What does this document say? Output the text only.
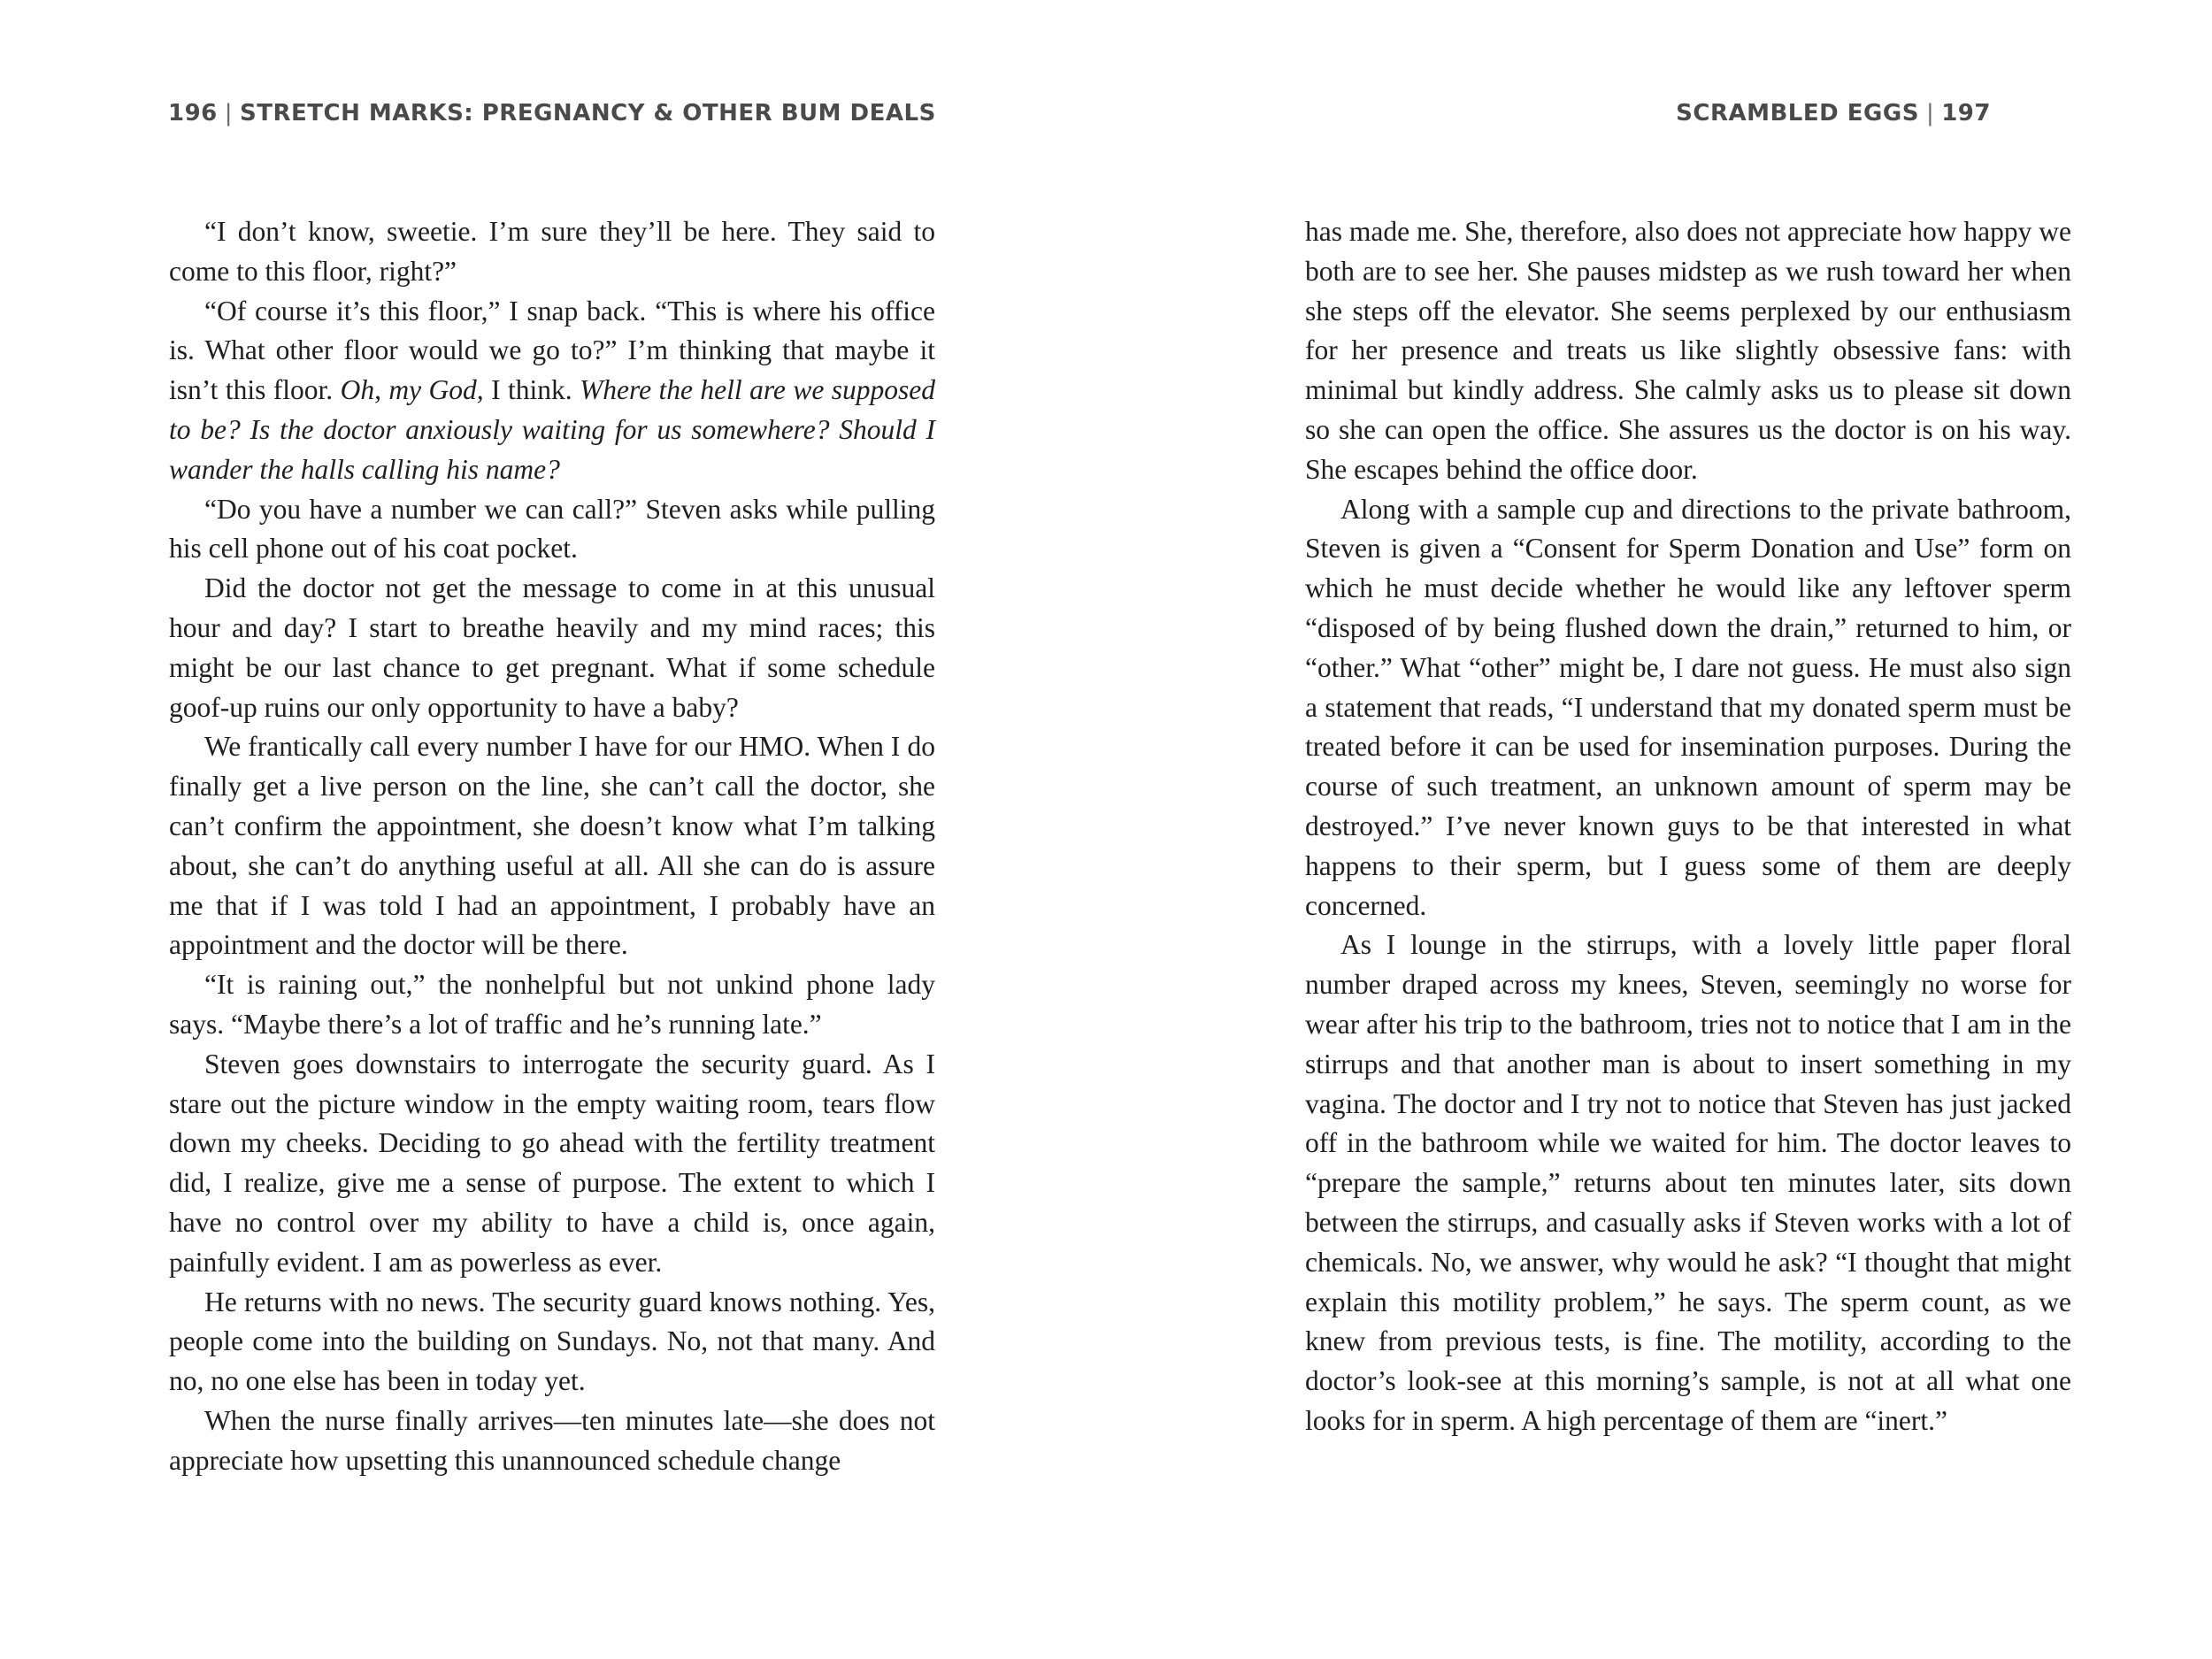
196 | STRETCH MARKS: PREGNANCY & OTHER BUM DEALS

“I don’t know, sweetie. I’m sure they’ll be here. They said to come to this floor, right?”

“Of course it’s this floor,” I snap back. “This is where his office is. What other floor would we go to?” I’m thinking that maybe it isn’t this floor. Oh, my God, I think. Where the hell are we supposed to be? Is the doctor anxiously waiting for us somewhere? Should I wander the halls calling his name?

“Do you have a number we can call?” Steven asks while pulling his cell phone out of his coat pocket.

Did the doctor not get the message to come in at this unusual hour and day? I start to breathe heavily and my mind races; this might be our last chance to get pregnant. What if some schedule goof-up ruins our only opportunity to have a baby?

We frantically call every number I have for our HMO. When I do finally get a live person on the line, she can’t call the doctor, she can’t confirm the appointment, she doesn’t know what I’m talking about, she can’t do anything useful at all. All she can do is assure me that if I was told I had an appointment, I probably have an appointment and the doctor will be there.

“It is raining out,” the nonhelpful but not unkind phone lady says. “Maybe there’s a lot of traffic and he’s running late.”

Steven goes downstairs to interrogate the security guard. As I stare out the picture window in the empty waiting room, tears flow down my cheeks. Deciding to go ahead with the fertility treatment did, I realize, give me a sense of purpose. The extent to which I have no control over my ability to have a child is, once again, painfully evident. I am as powerless as ever.

He returns with no news. The security guard knows nothing. Yes, people come into the building on Sundays. No, not that many. And no, no one else has been in today yet.

When the nurse finally arrives—ten minutes late—she does not appreciate how upsetting this unannounced schedule change

SCRAMBLED EGGS | 197

has made me. She, therefore, also does not appreciate how happy we both are to see her. She pauses midstep as we rush toward her when she steps off the elevator. She seems perplexed by our enthusiasm for her presence and treats us like slightly obsessive fans: with minimal but kindly address. She calmly asks us to please sit down so she can open the office. She assures us the doctor is on his way. She escapes behind the office door.

Along with a sample cup and directions to the private bathroom, Steven is given a “Consent for Sperm Donation and Use” form on which he must decide whether he would like any leftover sperm “disposed of by being flushed down the drain,” returned to him, or “other.” What “other” might be, I dare not guess. He must also sign a statement that reads, “I understand that my donated sperm must be treated before it can be used for insemination purposes. During the course of such treatment, an unknown amount of sperm may be destroyed.” I’ve never known guys to be that interested in what happens to their sperm, but I guess some of them are deeply concerned.

As I lounge in the stirrups, with a lovely little paper floral number draped across my knees, Steven, seemingly no worse for wear after his trip to the bathroom, tries not to notice that I am in the stirrups and that another man is about to insert something in my vagina. The doctor and I try not to notice that Steven has just jacked off in the bathroom while we waited for him. The doctor leaves to “prepare the sample,” returns about ten minutes later, sits down between the stirrups, and casually asks if Steven works with a lot of chemicals. No, we answer, why would he ask? “I thought that might explain this motility problem,” he says. The sperm count, as we knew from previous tests, is fine. The motility, according to the doctor’s look-see at this morning’s sample, is not at all what one looks for in sperm. A high percentage of them are “inert.”
